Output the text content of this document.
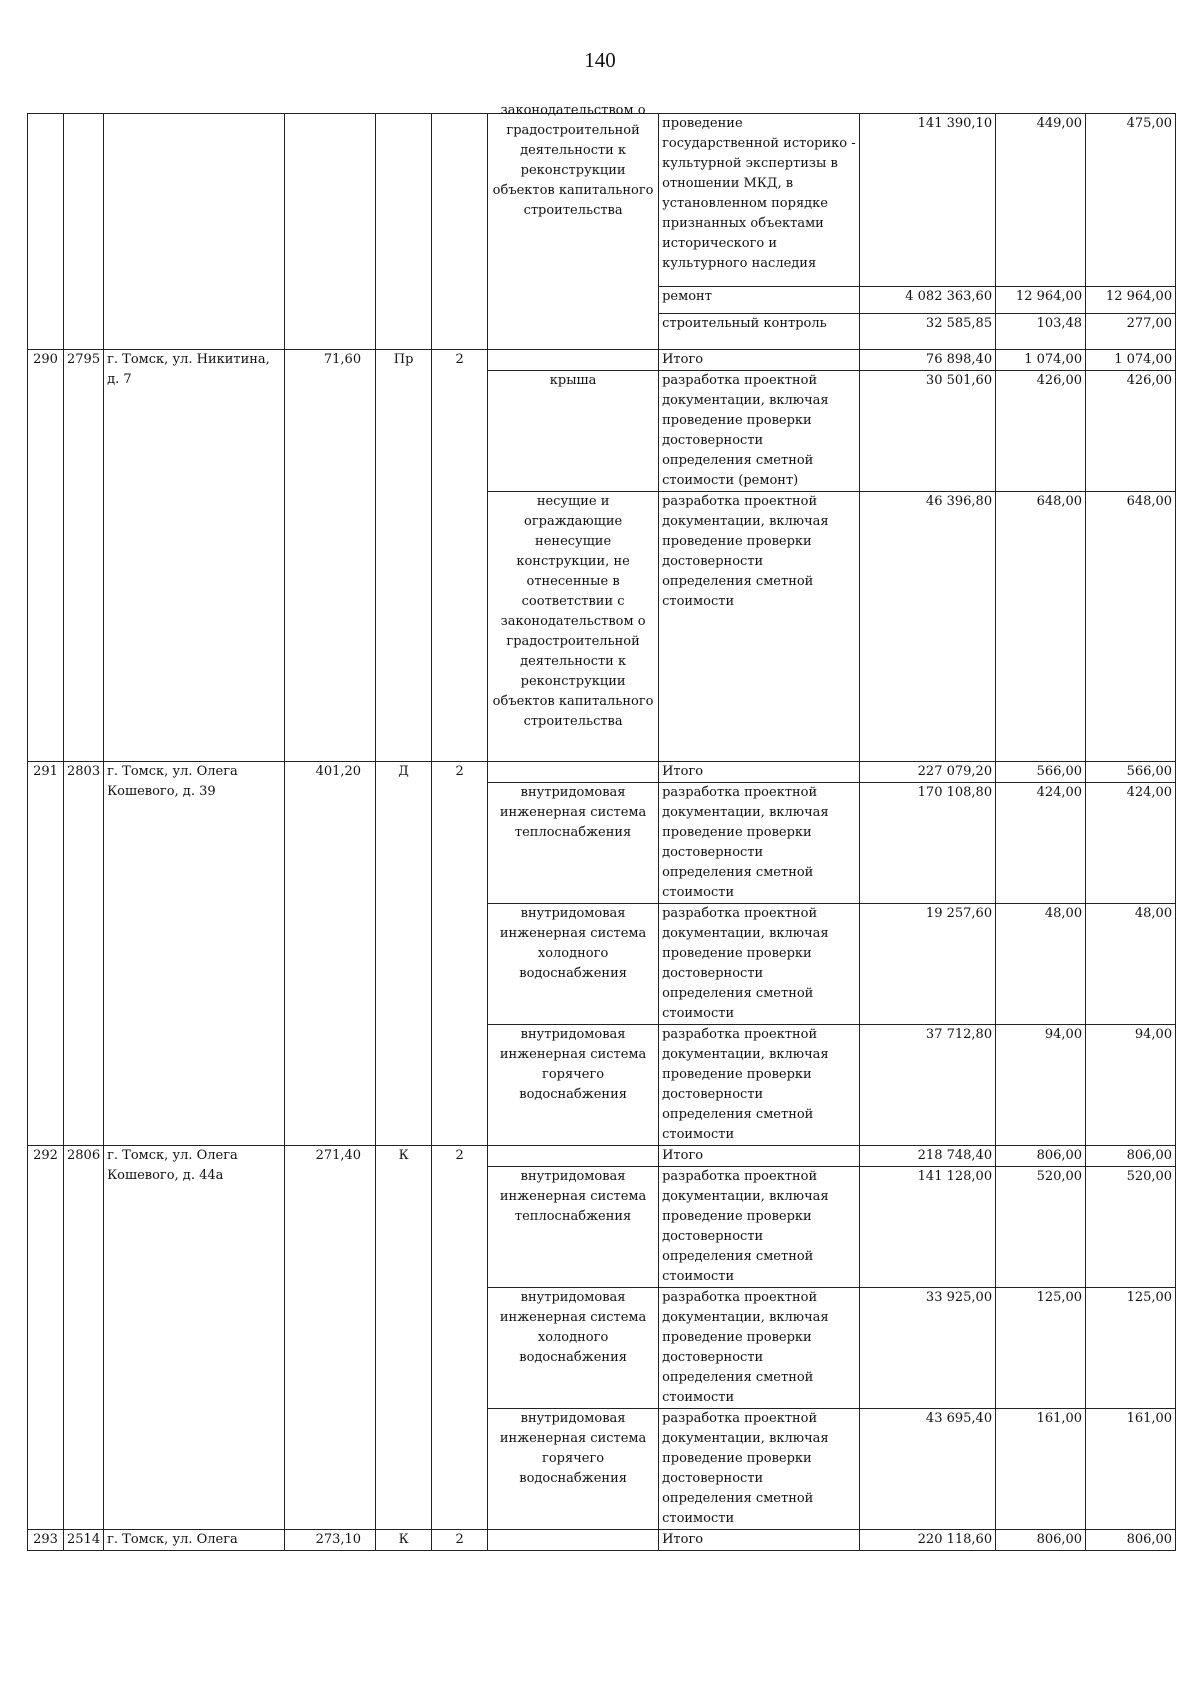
140

						законодательством о градостроительной деятельности к реконструкции объектов капитального строительства	проведение государственной историко - культурной экспертизы в отношении МКД, в установленном порядке признанных объектами исторического и культурного наследия	141 390,10	449,00	475,00
							ремонт	4 082 363,60	12 964,00	12 964,00
							строительный контроль	32 585,85	103,48	277,00
290	2795	г. Томск, ул. Никитина, д. 7	71,60	Пр	2		Итого	76 898,40	1 074,00	1 074,00
						крыша	разработка проектной документации, включая проведение проверки достоверности определения сметной стоимости (ремонт)	30 501,60	426,00	426,00
						несущие и ограждающие ненесущие конструкции, не отнесенные в соответствии с законодательством о градостроительной деятельности к реконструкции объектов капитального строительства	разработка проектной документации, включая проведение проверки достоверности определения сметной стоимости	46 396,80	648,00	648,00
291	2803	г. Томск, ул. Олега Кошевого, д. 39	401,20	Д	2		Итого	227 079,20	566,00	566,00
						внутридомовая инженерная система теплоснабжения	разработка проектной документации, включая проведение проверки достоверности определения сметной стоимости	170 108,80	424,00	424,00
						внутридомовая инженерная система холодного водоснабжения	разработка проектной документации, включая проведение проверки достоверности определения сметной стоимости	19 257,60	48,00	48,00
						внутридомовая инженерная система горячего водоснабжения	разработка проектной документации, включая проведение проверки достоверности определения сметной стоимости	37 712,80	94,00	94,00
292	2806	г. Томск, ул. Олега Кошевого, д. 44а	271,40	К	2		Итого	218 748,40	806,00	806,00
						внутридомовая инженерная система теплоснабжения	разработка проектной документации, включая проведение проверки достоверности определения сметной стоимости	141 128,00	520,00	520,00
						внутридомовая инженерная система холодного водоснабжения	разработка проектной документации, включая проведение проверки достоверности определения сметной стоимости	33 925,00	125,00	125,00
						внутридомовая инженерная система горячего водоснабжения	разработка проектной документации, включая проведение проверки достоверности определения сметной стоимости	43 695,40	161,00	161,00
293	2514	г. Томск, ул. Олега	273,10	К	2		Итого	220 118,60	806,00	806,00
